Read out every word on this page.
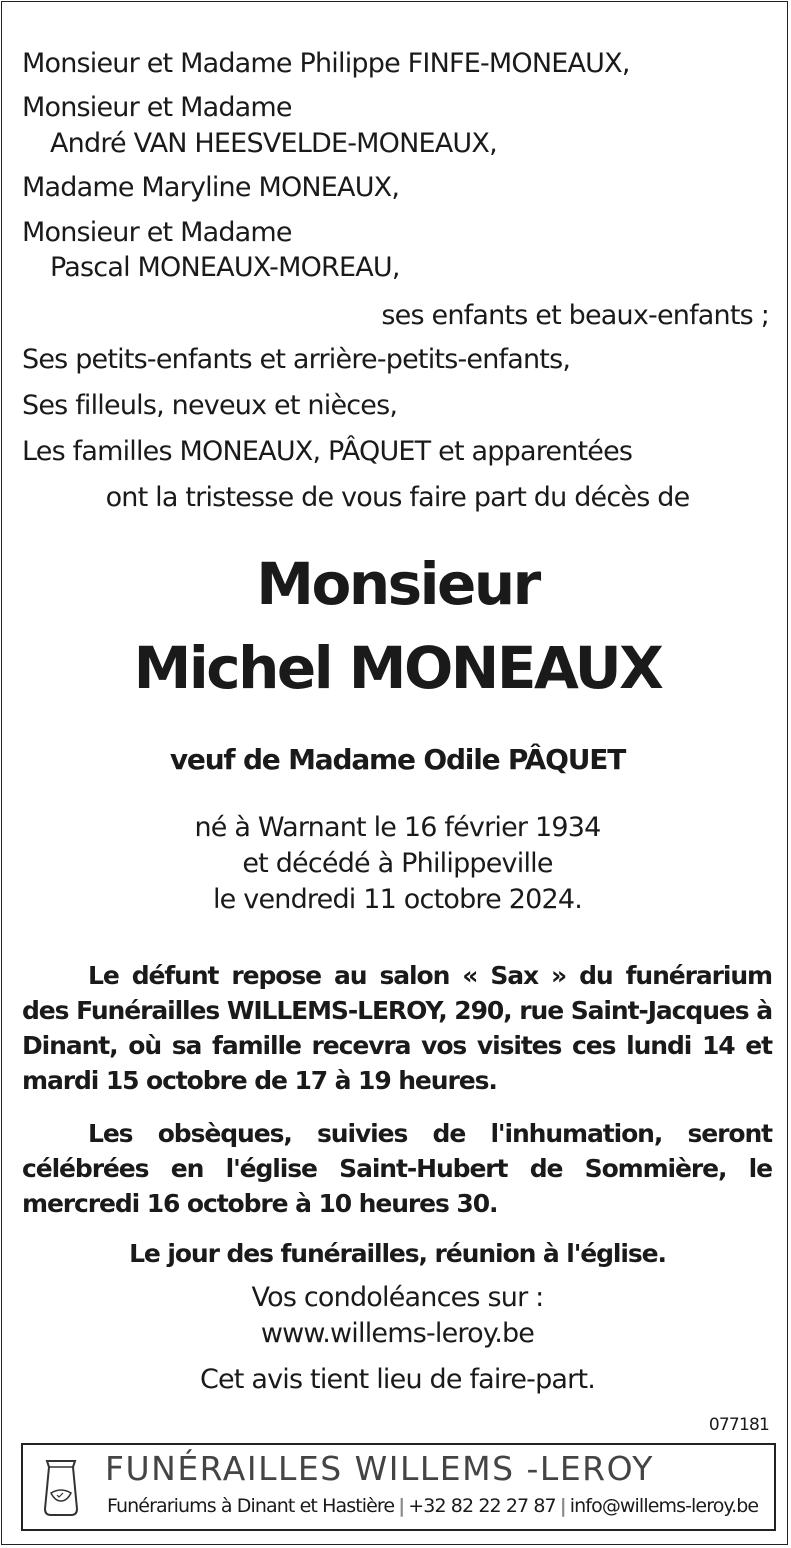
Monsieur et Madame Philippe FINFE-MONEAUX,

Monsieur et Madame

André VAN HEESVELDE-MONEAUX,

Madame Maryline MONEAUX,

Monsieur et Madame

Pascal MONEAUX-MOREAU,

ses enfants et beaux-enfants ;

Ses petits-enfants et arrière-petits-enfants,

Ses filleuls, neveux et nièces,

Les familles MONEAUX, PÂQUET et apparentées

ont la tristesse de vous faire part du décès de

Monsieur
Michel MONEAUX

veuf de Madame Odile PÂQUET

né à Warnant le 16 février 1934

et décédé à Philippeville

le vendredi 11 octobre 2024.

Le défunt repose au salon « Sax » du funérarium des Funérailles WILLEMS-LEROY, 290, rue Saint-Jacques à Dinant, où sa famille recevra vos visites ces lundi 14 et mardi 15 octobre de 17 à 19 heures.

Les obsèques, suivies de l'inhumation, seront célébrées en l'église Saint-Hubert de Sommière, le mercredi 16 octobre à 10 heures 30.

Le jour des funérailles, réunion à l'église.

Vos condoléances sur :

www.willems-leroy.be

Cet avis tient lieu de faire-part.

077181

FUNÉRAILLES WILLEMS -LEROY

Funérariums à Dinant et Hastière | +32 82 22 27 87 | info@willems-leroy.be
